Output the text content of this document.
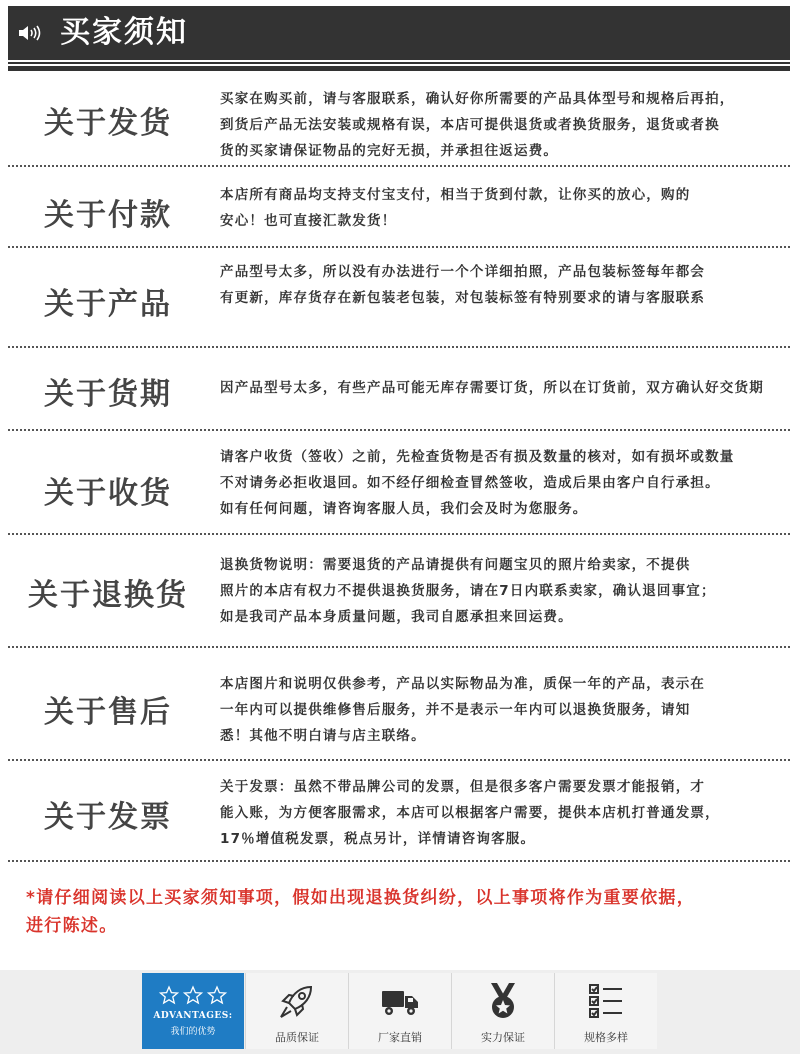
买家须知
关于发货
买家在购买前，请与客服联系，确认好你所需要的产品具体型号和规格后再拍，
到货后产品无法安装或规格有误，本店可提供退货或者换货服务，退货或者换
货的买家请保证物品的完好无损，并承担往返运费。
关于付款
本店所有商品均支持支付宝支付，相当于货到付款，让你买的放心，购的
安心！也可直接汇款发货！
关于产品
产品型号太多，所以没有办法进行一个个详细拍照，产品包装标签每年都会
有更新，库存货存在新包装老包装，对包装标签有特别要求的请与客服联系
关于货期	因产品型号太多，有些产品可能无库存需要订货，所以在订货前，双方确认好交货期
关于收货
请客户收货（签收）之前，先检查货物是否有损及数量的核对，如有损坏或数量
不对请务必拒收退回。如不经仔细检查冒然签收，造成后果由客户自行承担。
如有任何问题，请咨询客服人员，我们会及时为您服务。
关于退换货
退换货物说明：需要退货的产品请提供有问题宝贝的照片给卖家，不提供
照片的本店有权力不提供退换货服务，请在7日内联系卖家，确认退回事宜；
如是我司产品本身质量问题，我司自愿承担来回运费。
关于售后
本店图片和说明仅供参考，产品以实际物品为准，质保一年的产品，表示在
一年内可以提供维修售后服务，并不是表示一年内可以退换货服务，请知
悉！其他不明白请与店主联络。
关于发票
关于发票：虽然不带品牌公司的发票，但是很多客户需要发票才能报销，才
能入账，为方便客服需求，本店可以根据客户需要，提供本店机打普通发票，
17％增值税发票，税点另计，详情请咨询客服。
*请仔细阅读以上买家须知事项，假如出现退换货纠纷，以上事项将作为重要依据，
进行陈述。
ADVANTAGES:
我们的优势	品质保证	厂家直销	实力保证	规格多样
